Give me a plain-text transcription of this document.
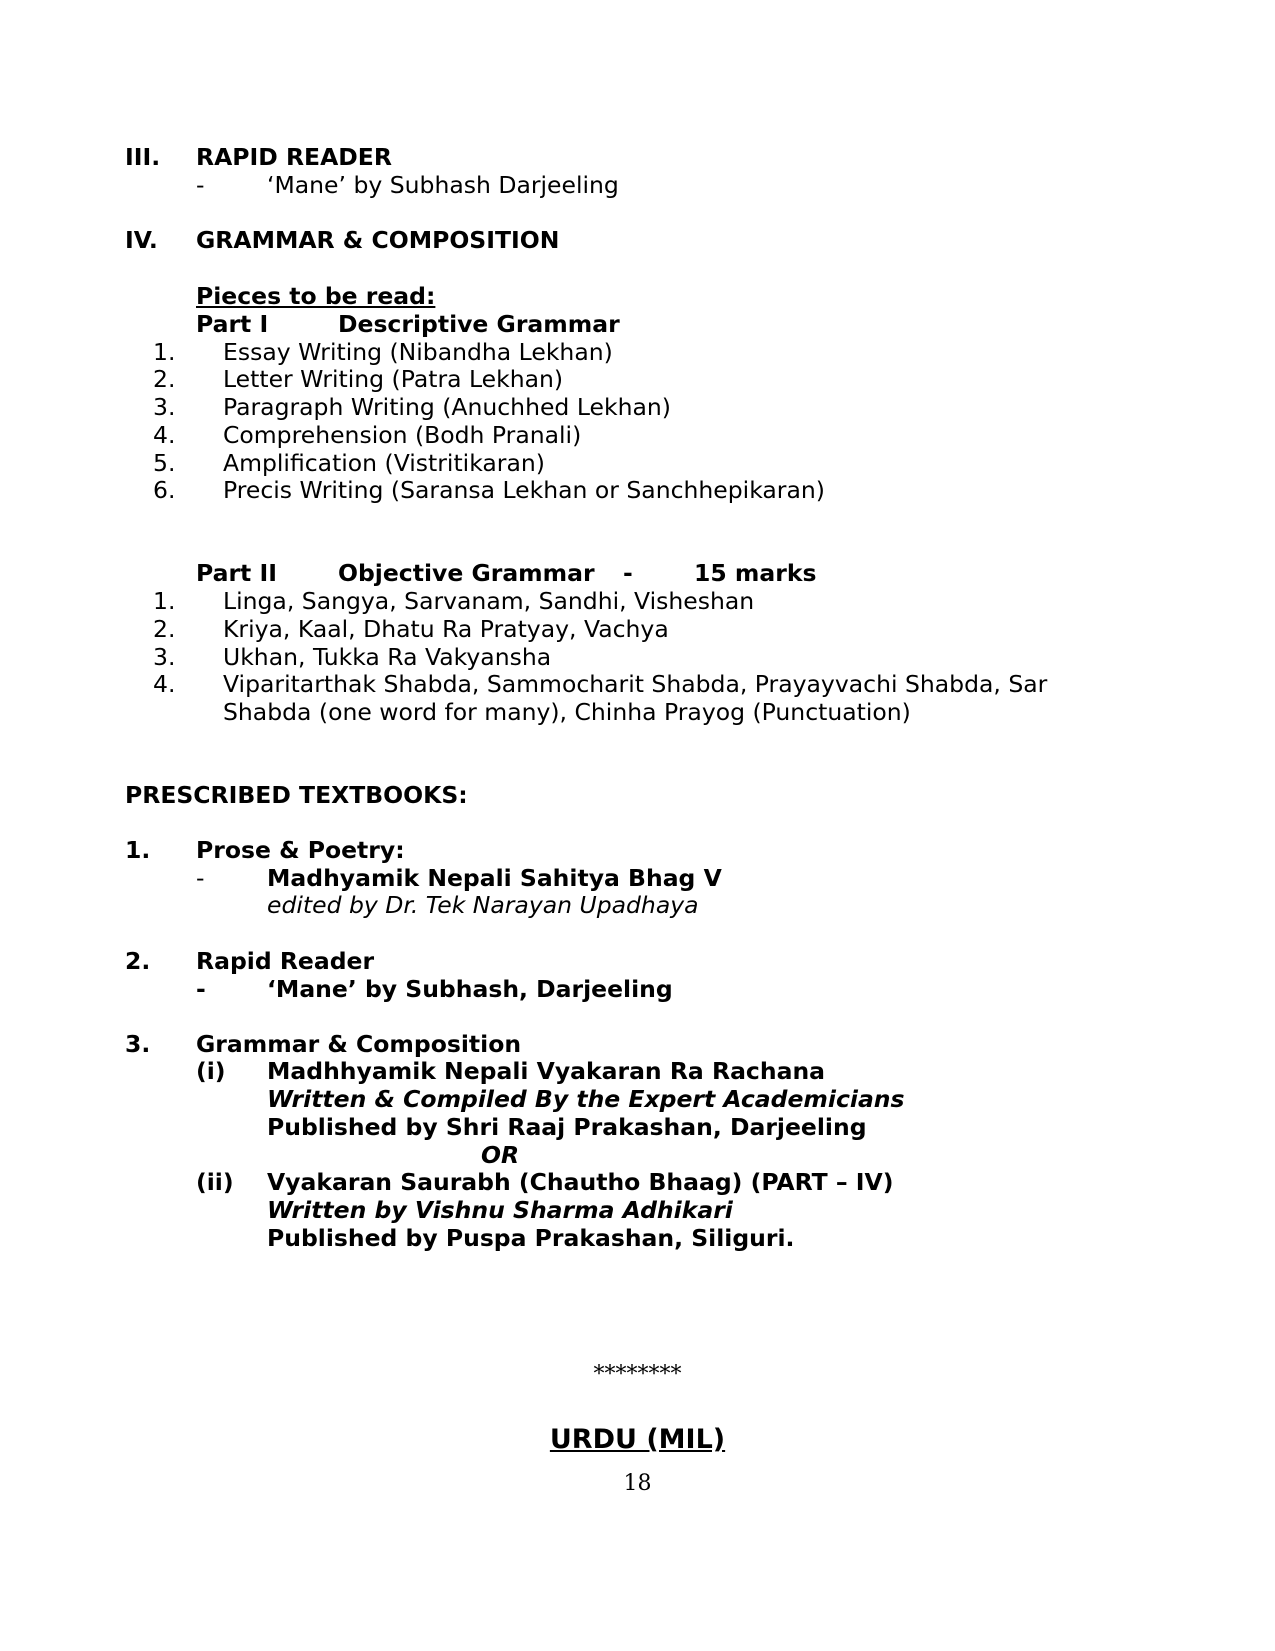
III. RAPID READER
-	‘Mane’ by Subhash Darjeeling
IV. GRAMMAR & COMPOSITION
Pieces to be read:
Part I	Descriptive Grammar
1. Essay Writing (Nibandha Lekhan)
2. Letter Writing (Patra Lekhan)
3. Paragraph Writing (Anuchhed Lekhan)
4. Comprehension (Bodh Pranali)
5. Amplification (Vistritikaran)
6. Precis Writing (Saransa Lekhan or Sanchhepikaran)
Part II	Objective Grammar -	15 marks
1. Linga, Sangya, Sarvanam, Sandhi, Visheshan
2. Kriya, Kaal, Dhatu Ra Pratyay, Vachya
3. Ukhan, Tukka Ra Vakyansha
4. Viparitarthak Shabda, Sammocharit Shabda, Prayayvachi Shabda, Sar
Shabda (one word for many), Chinha Prayog (Punctuation)
PRESCRIBED TEXTBOOKS:
1. Prose & Poetry:
-	Madhyamik Nepali Sahitya Bhag V
edited by Dr. Tek Narayan Upadhaya
2. Rapid Reader
-	‘Mane’ by Subhash, Darjeeling
3. Grammar & Composition
(i) Madhhyamik Nepali Vyakaran Ra Rachana
Written & Compiled By the Expert Academicians
Published by Shri Raaj Prakashan, Darjeeling
OR
(ii) Vyakaran Saurabh (Chautho Bhaag) (PART – IV)
Written by Vishnu Sharma Adhikari
Published by Puspa Prakashan, Siliguri.
********
URDU (MIL)
18
